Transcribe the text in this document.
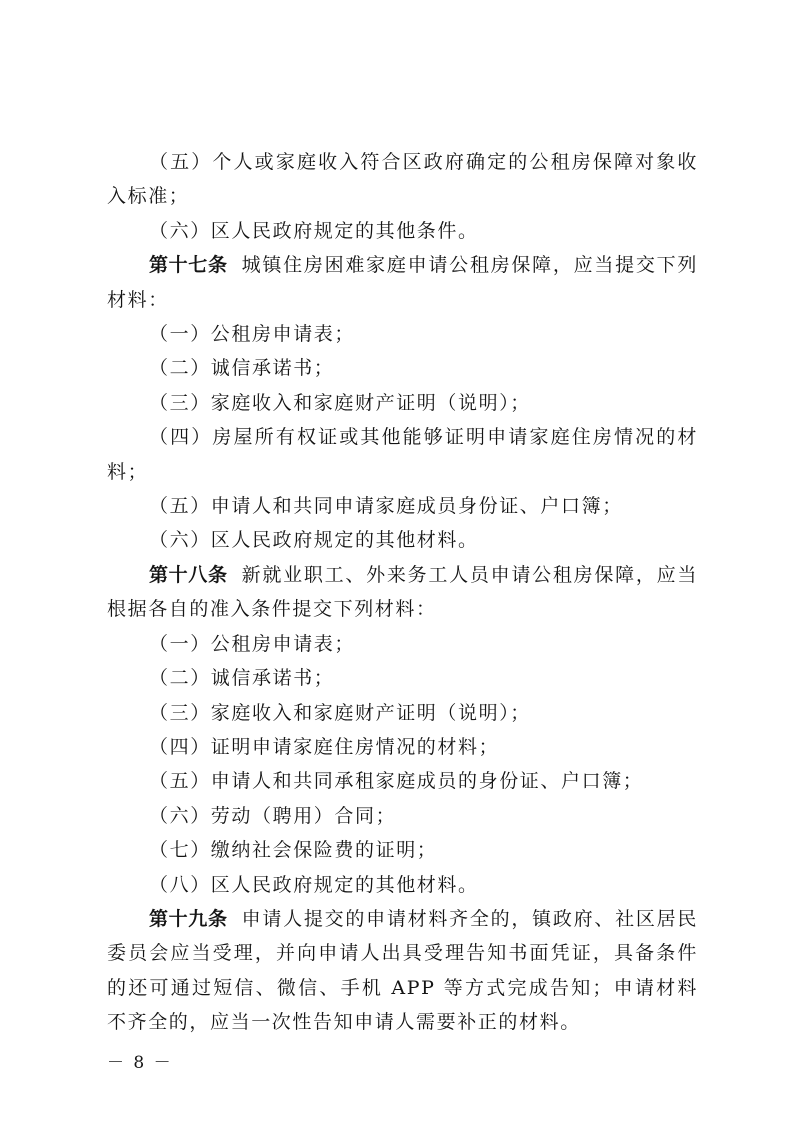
（五）个人或家庭收入符合区政府确定的公租房保障对象收入标准；

（六）区人民政府规定的其他条件。

第十七条 城镇住房困难家庭申请公租房保障，应当提交下列材料：

（一）公租房申请表；

（二）诚信承诺书；

（三）家庭收入和家庭财产证明（说明）；

（四）房屋所有权证或其他能够证明申请家庭住房情况的材料；

（五）申请人和共同申请家庭成员身份证、户口簿；

（六）区人民政府规定的其他材料。

第十八条 新就业职工、外来务工人员申请公租房保障，应当根据各自的准入条件提交下列材料：

（一）公租房申请表；

（二）诚信承诺书；

（三）家庭收入和家庭财产证明（说明）；

（四）证明申请家庭住房情况的材料；

（五）申请人和共同承租家庭成员的身份证、户口簿；

（六）劳动（聘用）合同；

（七）缴纳社会保险费的证明；

（八）区人民政府规定的其他材料。

第十九条 申请人提交的申请材料齐全的，镇政府、社区居民委员会应当受理，并向申请人出具受理告知书面凭证，具备条件的还可通过短信、微信、手机 APP 等方式完成告知；申请材料不齐全的，应当一次性告知申请人需要补正的材料。

－ 8 －
